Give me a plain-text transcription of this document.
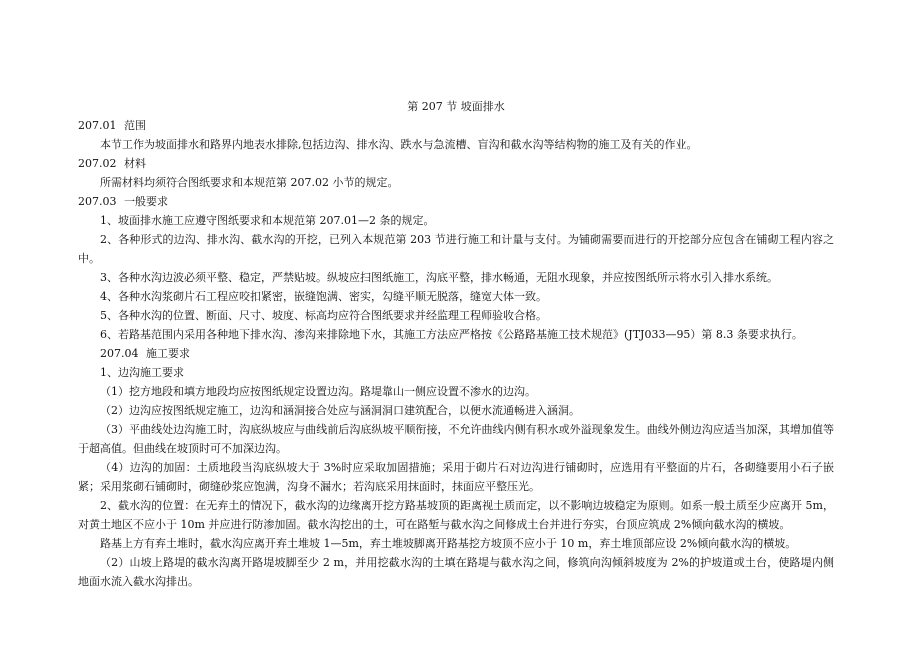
第 207 节 坡面排水
207.01 范围
本节工作为坡面排水和路界内地表水排除,包括边沟、排水沟、跌水与急流槽、盲沟和截水沟等结构物的施工及有关的作业。
207.02 材料
所需材料均须符合图纸要求和本规范第 207.02 小节的规定。
207.03 一般要求
1、坡面排水施工应遵守图纸要求和本规范第 207.01—2 条的规定。
2、各种形式的边沟、排水沟、截水沟的开挖，已列入本规范第 203 节进行施工和计量与支付。为铺砌需要而进行的开挖部分应包含在铺砌工程内容之中。
3、各种水沟边波必须平整、稳定，严禁贴坡。纵坡应扫图纸施工，沟底平整，排水畅通，无阻水现象，并应按图纸所示将水引入排水系统。
4、各种水沟浆砌片石工程应咬扣紧密，嵌缝饱满、密实，勾缝平顺无脱落，缝宽大体一致。
5、各种水沟的位置、断面、尺寸、坡度、标高均应符合图纸要求并经监理工程师验收合格。
6、若路基范围内采用各种地下排水沟、渗沟来排除地下水，其施工方法应严格按《公路路基施工技术规范》(JTJ033—95）第 8.3 条要求执行。
207.04 施工要求
1、边沟施工要求
（1）挖方地段和填方地段均应按图纸规定设置边沟。路堤靠山一侧应设置不渗水的边沟。
（2）边沟应按图纸规定施工，边沟和涵洞接合处应与涵洞洞口建筑配合，以便水流通畅进入涵洞。
（3）平曲线处边沟施工时，沟底纵坡应与曲线前后沟底纵坡平顺衔接，不允许曲线内侧有积水或外溢现象发生。曲线外侧边沟应适当加深，其增加值等于超高值。但曲线在坡顶时可不加深边沟。
（4）边沟的加固：土质地段当沟底纵坡大于 3%时应采取加固措施；采用于砌片石对边沟进行铺砌时，应选用有平整面的片石，各砌缝要用小石子嵌紧；采用浆砌石铺砌时，砌缝砂浆应饱满，沟身不漏水；若沟底采用抹面时，抹面应平整压光。
2、截水沟的位置：在无弃土的情况下，截水沟的边缘离开挖方路基坡顶的距离视土质而定，以不影响边坡稳定为原则。如系一般土质至少应离开 5m，对黄土地区不应小于 10m 并应进行防渗加固。截水沟挖出的土，可在路堑与截水沟之间修成土台并进行夯实，台顶应筑成 2%倾向截水沟的横坡。
路基上方有弃土堆时，截水沟应离开弃土堆坡 1—5m，弃土堆坡脚离开路基挖方坡顶不应小于 10 m，弃土堆顶部应设 2%倾向截水沟的横坡。
（2）山坡上路堤的截水沟离开路堤坡脚至少 2 m，并用挖截水沟的土填在路堤与截水沟之间，修筑向沟倾斜坡度为 2%的护坡道或土台，使路堤内侧地面水流入截水沟排出。
